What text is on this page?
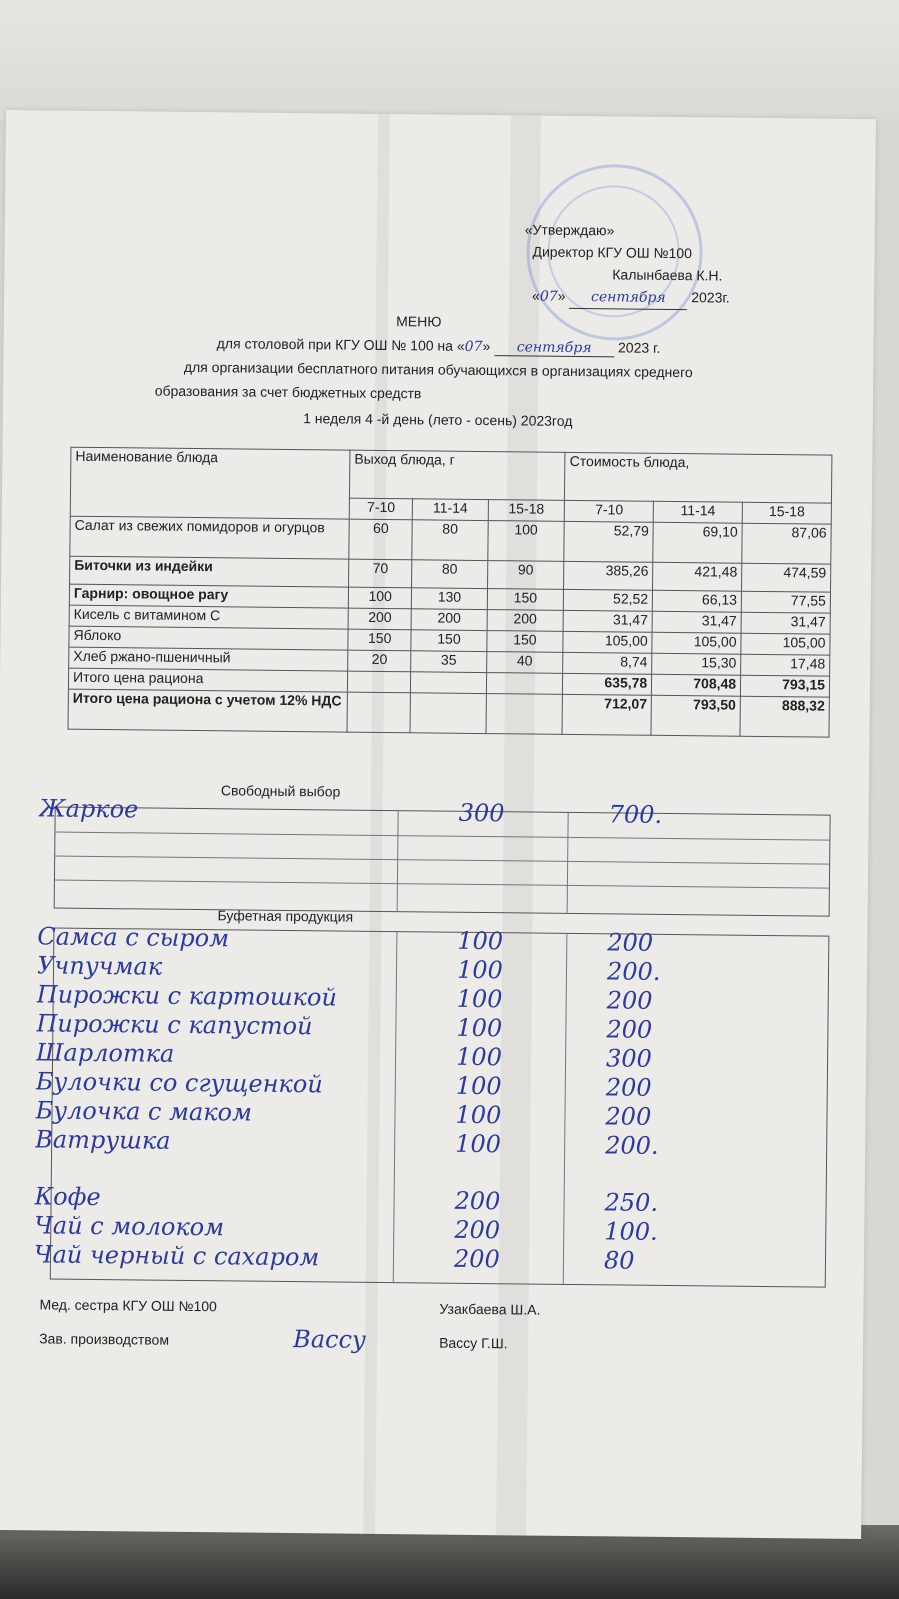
«Утверждаю»
Директор КГУ ОШ №100
Калынбаева К.Н.
«07» сентября 2023г.
МЕНЮ
для столовой при КГУ ОШ № 100 на «07» сентября 2023 г.
для организации бесплатного питания обучающихся в организациях среднего
образования за счет бюджетных средств
1 неделя 4 -й день (лето - осень) 2023год
Наименование блюда	Выход блюда, г			Стоимость блюда,		
	7-10	11-14	15-18	7-10	11-14	15-18
Салат из свежих помидоров и огурцов	60	80	100	52,79	69,10	87,06
Биточки из индейки	70	80	90	385,26	421,48	474,59
Гарнир: овощное рагу	100	130	150	52,52	66,13	77,55
Кисель с витамином С	200	200	200	31,47	31,47	31,47
Яблоко	150	150	150	105,00	105,00	105,00
Хлеб ржано-пшеничный	20	35	40	8,74	15,30	17,48
Итого цена рациона				635,78	708,48	793,15
Итого цена рациона с учетом 12% НДС				712,07	793,50	888,32
Свободный выбор
Жаркое	300	700.
Буфетная продукция
Самса с сыром	100	200
Учпучмак	100	200.
Пирожки с картошкой	100	200
Пирожки с капустой	100	200
Шарлотка	100	300
Булочки со сгущенкой	100	200
Булочка с маком	100	200
Ватрушка	100	200.
Кофе	200	250.
Чай с молоком	200	100.
Чай черный с сахаром	200	80
Мед. сестра КГУ ОШ №100	Узакбаева Ш.А.
Зав. производством	Вассу Г.Ш.
Вассу
